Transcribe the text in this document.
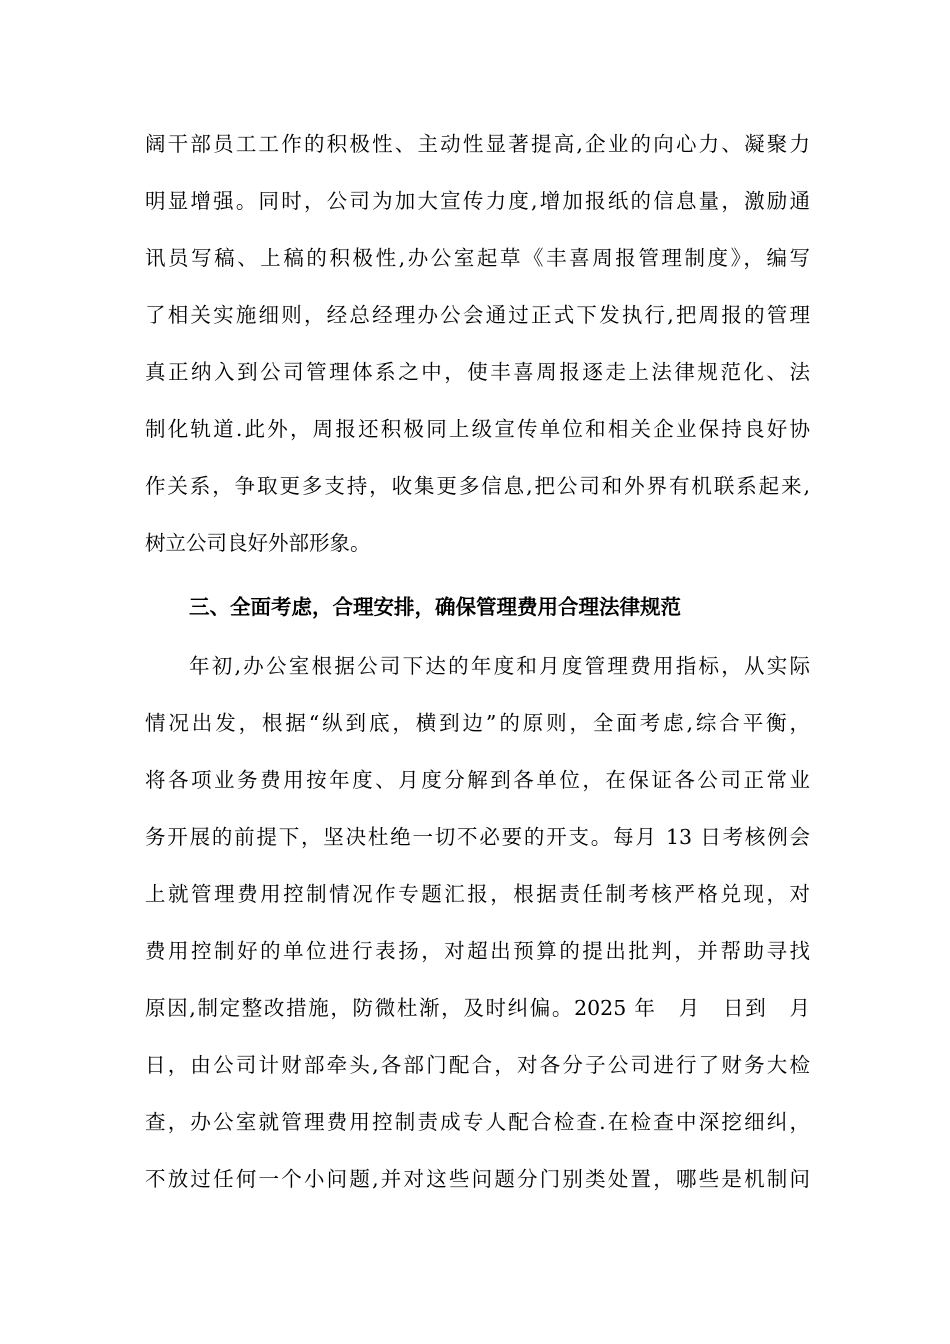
阔干部员工工作的积极性、主动性显著提高,企业的向心力、凝聚力
明显增强。同时，公司为加大宣传力度,增加报纸的信息量，激励通
讯员写稿、上稿的积极性,办公室起草《丰喜周报管理制度》，编写
了相关实施细则，经总经理办公会通过正式下发执行,把周报的管理
真正纳入到公司管理体系之中，使丰喜周报逐走上法律规范化、法
制化轨道.此外，周报还积极同上级宣传单位和相关企业保持良好协
作关系，争取更多支持，收集更多信息,把公司和外界有机联系起来,
树立公司良好外部形象。
三、全面考虑，合理安排，确保管理费用合理法律规范
年初,办公室根据公司下达的年度和月度管理费用指标，从实际
情况出发，根据“纵到底，横到边”的原则，全面考虑,综合平衡，
将各项业务费用按年度、月度分解到各单位，在保证各公司正常业
务开展的前提下，坚决杜绝一切不必要的开支。每月 13 日考核例会
上就管理费用控制情况作专题汇报，根据责任制考核严格兑现，对
费用控制好的单位进行表扬，对超出预算的提出批判，并帮助寻找
原因,制定整改措施，防微杜渐，及时纠偏。2025 年　月　日到　月
日，由公司计财部牵头,各部门配合，对各分子公司进行了财务大检
查，办公室就管理费用控制责成专人配合检查.在检查中深挖细纠，
不放过任何一个小问题,并对这些问题分门别类处置，哪些是机制问
